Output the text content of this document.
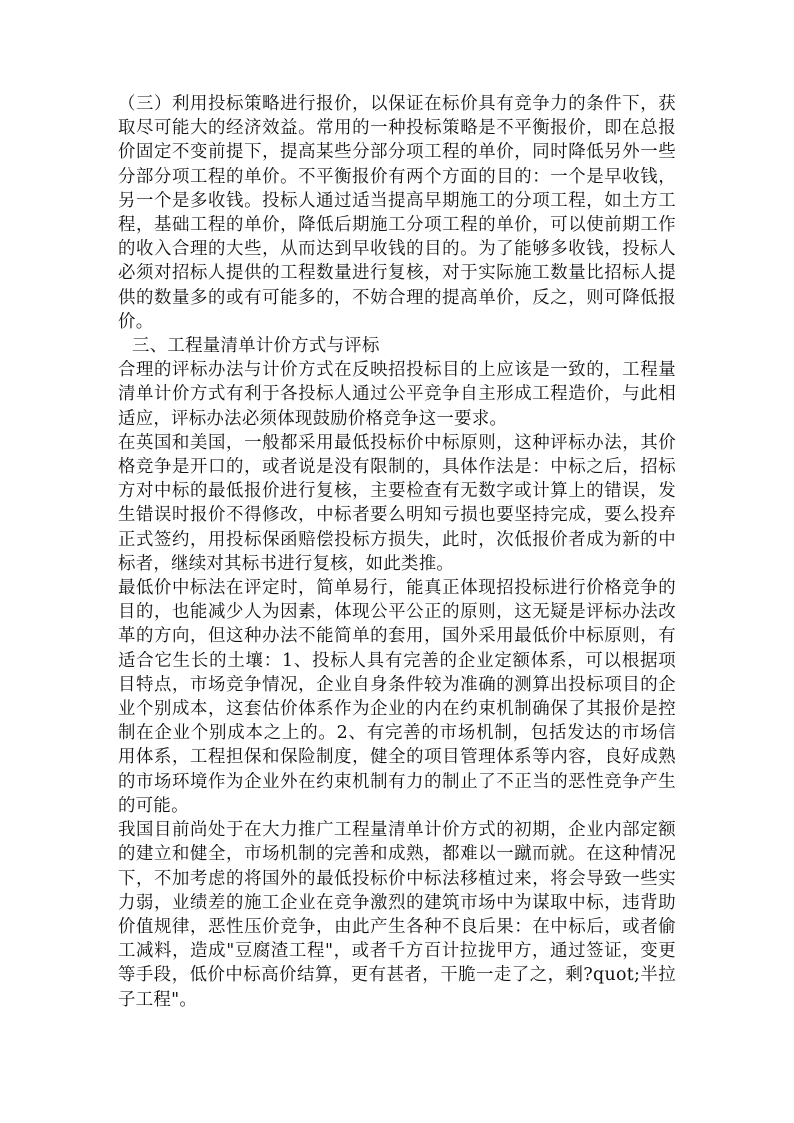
（三）利用投标策略进行报价，以保证在标价具有竞争力的条件下，获取尽可能大的经济效益。常用的一种投标策略是不平衡报价，即在总报价固定不变前提下，提高某些分部分项工程的单价，同时降低另外一些分部分项工程的单价。不平衡报价有两个方面的目的：一个是早收钱，另一个是多收钱。投标人通过适当提高早期施工的分项工程，如土方工程，基础工程的单价，降低后期施工分项工程的单价，可以使前期工作的收入合理的大些，从而达到早收钱的目的。为了能够多收钱，投标人必须对招标人提供的工程数量进行复核，对于实际施工数量比招标人提供的数量多的或有可能多的，不妨合理的提高单价，反之，则可降低报价。

三、工程量清单计价方式与评标

合理的评标办法与计价方式在反映招投标目的上应该是一致的，工程量清单计价方式有利于各投标人通过公平竞争自主形成工程造价，与此相适应，评标办法必须体现鼓励价格竞争这一要求。

在英国和美国，一般都采用最低投标价中标原则，这种评标办法，其价格竞争是开口的，或者说是没有限制的，具体作法是：中标之后，招标方对中标的最低报价进行复核，主要检查有无数字或计算上的错误，发生错误时报价不得修改，中标者要么明知亏损也要坚持完成，要么投弃正式签约，用投标保函赔偿投标方损失，此时，次低报价者成为新的中标者，继续对其标书进行复核，如此类推。

最低价中标法在评定时，简单易行，能真正体现招投标进行价格竞争的目的，也能减少人为因素，体现公平公正的原则，这无疑是评标办法改革的方向，但这种办法不能简单的套用，国外采用最低价中标原则，有适合它生长的土壤：1、投标人具有完善的企业定额体系，可以根据项目特点，市场竞争情况，企业自身条件较为准确的测算出投标项目的企业个别成本，这套估价体系作为企业的内在约束机制确保了其报价是控制在企业个别成本之上的。2、有完善的市场机制，包括发达的市场信用体系，工程担保和保险制度，健全的项目管理体系等内容，良好成熟的市场环境作为企业外在约束机制有力的制止了不正当的恶性竞争产生的可能。

我国目前尚处于在大力推广工程量清单计价方式的初期，企业内部定额的建立和健全，市场机制的完善和成熟，都难以一蹴而就。在这种情况下，不加考虑的将国外的最低投标价中标法移植过来，将会导致一些实力弱，业绩差的施工企业在竞争激烈的建筑市场中为谋取中标，违背助价值规律，恶性压价竞争，由此产生各种不良后果：在中标后，或者偷工减料，造成"豆腐渣工程"，或者千方百计拉拢甲方，通过签证，变更等手段，低价中标高价结算，更有甚者，干脆一走了之，剩?quot;半拉子工程"。
